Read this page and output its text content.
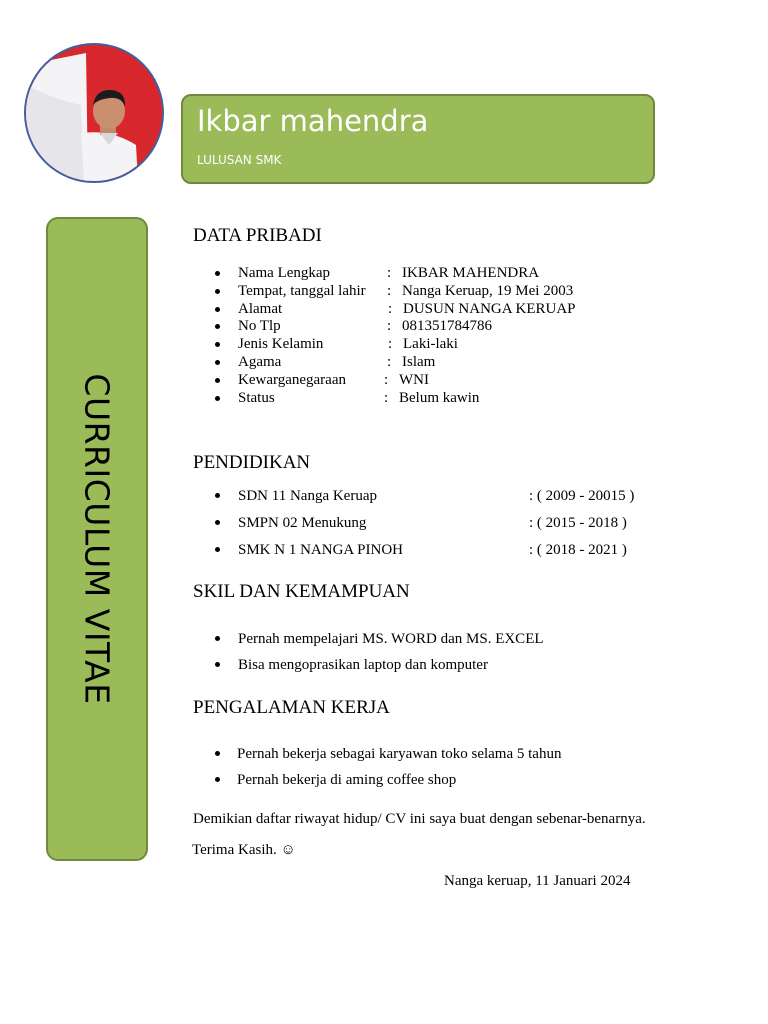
Ikbar mahendra
LULUSAN SMK
CURRICULUM VITAE
DATA PRIBADI
Nama Lengkap	: IKBAR MAHENDRA
Tempat, tanggal lahir : Nanga Keruap, 19 Mei 2003
Alamat	: DUSUN NANGA KERUAP
No Tlp	: 081351784786
Jenis Kelamin	: Laki-laki
Agama	: Islam
Kewarganegaraan	: WNI
Status	: Belum kawin
PENDIDIKAN
SDN 11 Nanga Keruap	: ( 2009 - 20015 )
SMPN 02 Menukung	: ( 2015 - 2018 )
SMK N 1 NANGA PINOH	: ( 2018 - 2021 )
SKIL DAN KEMAMPUAN
Pernah mempelajari MS. WORD dan MS. EXCEL
Bisa mengoprasikan laptop dan komputer
PENGALAMAN KERJA
Pernah bekerja sebagai karyawan toko selama 5 tahun
Pernah bekerja di aming coffee shop
Demikian daftar riwayat hidup/ CV ini saya buat dengan sebenar-benarnya.
Terima Kasih. ☺
Nanga keruap, 11 Januari 2024
